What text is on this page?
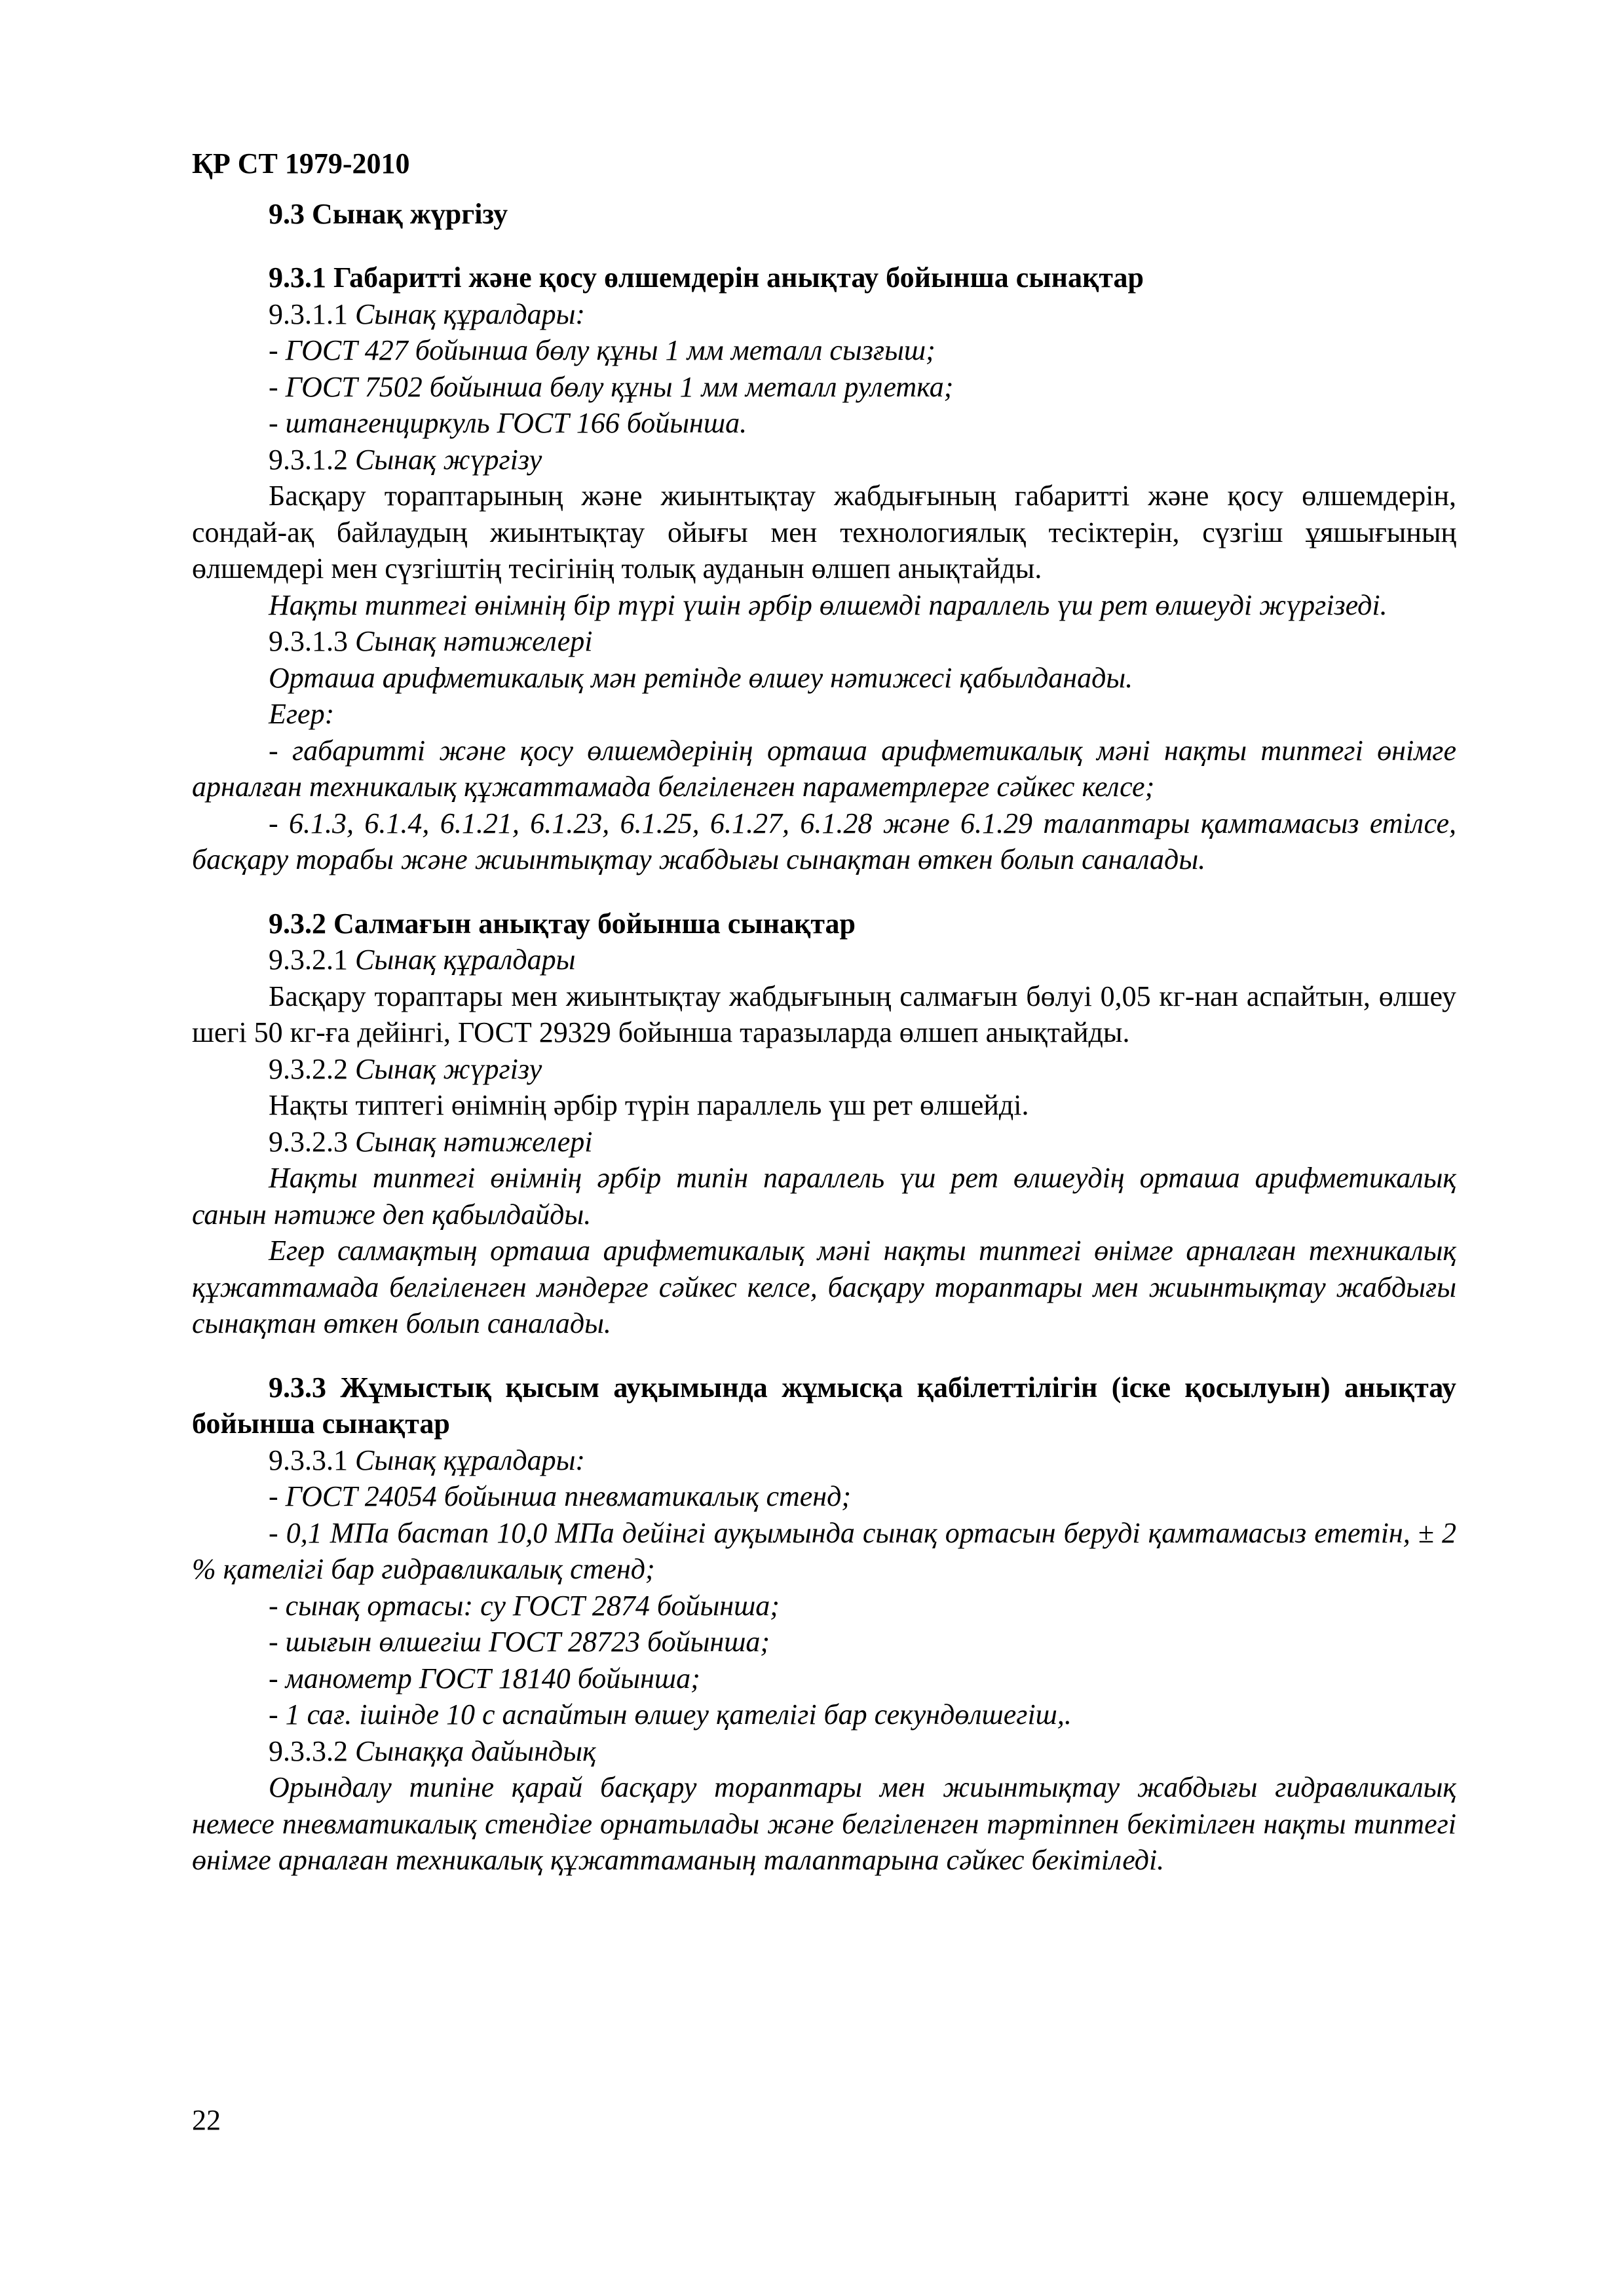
ҚР СТ 1979-2010
9.3 Сынақ жүргізу
9.3.1 Габаритті және қосу өлшемдерін анықтау бойынша сынақтар
9.3.1.1 Сынақ құралдары:
- ГОСТ 427 бойынша бөлу құны 1 мм металл сызғыш;
- ГОСТ 7502 бойынша бөлу құны 1 мм металл рулетка;
- штангенциркуль ГОСТ 166 бойынша.
9.3.1.2 Сынақ жүргізу
Басқару тораптарының және жиынтықтау жабдығының габаритті және қосу өлшемдерін, сондай-ақ байлаудың жиынтықтау ойығы мен технологиялық тесіктерін, сүзгіш ұяшығының өлшемдері мен сүзгіштің тесігінің толық ауданын өлшеп анықтайды.
Нақты типтегі өнімнің бір түрі үшін әрбір өлшемді параллель үш рет өлшеуді жүргізеді.
9.3.1.3 Сынақ нәтижелері
Орташа арифметикалық мән ретінде өлшеу нәтижесі қабылданады.
Егер:
- габаритті және қосу өлшемдерінің орташа арифметикалық мәні нақты типтегі өнімге арналған техникалық құжаттамада белгіленген параметрлерге сәйкес келсе;
- 6.1.3, 6.1.4, 6.1.21, 6.1.23, 6.1.25, 6.1.27, 6.1.28 және 6.1.29 талаптары қамтамасыз етілсе, басқару торабы және жиынтықтау жабдығы сынақтан өткен болып саналады.
9.3.2 Салмағын анықтау бойынша сынақтар
9.3.2.1 Сынақ құралдары
Басқару тораптары мен жиынтықтау жабдығының салмағын бөлуі 0,05 кг-нан аспайтын, өлшеу шегі 50 кг-ға дейінгі, ГОСТ 29329 бойынша таразыларда өлшеп анықтайды.
9.3.2.2 Сынақ жүргізу
Нақты типтегі өнімнің әрбір түрін параллель үш рет өлшейді.
9.3.2.3 Сынақ нәтижелері
Нақты типтегі өнімнің әрбір типін параллель үш рет өлшеудің орташа арифметикалық санын нәтиже деп қабылдайды.
Егер салмақтың орташа арифметикалық мәні нақты типтегі өнімге арналған техникалық құжаттамада белгіленген мәндерге сәйкес келсе, басқару тораптары мен жиынтықтау жабдығы сынақтан өткен болып саналады.
9.3.3 Жұмыстық қысым ауқымында жұмысқа қабілеттілігін (іске қосылуын) анықтау бойынша сынақтар
9.3.3.1 Сынақ құралдары:
- ГОСТ 24054 бойынша пневматикалық стенд;
- 0,1 МПа бастап 10,0 МПа дейінгі ауқымында сынақ ортасын беруді қамтамасыз ететін, ± 2 % қателігі бар гидравликалық стенд;
- сынақ ортасы: су ГОСТ 2874 бойынша;
- шығын өлшегіш ГОСТ 28723 бойынша;
- манометр ГОСТ 18140 бойынша;
- 1 сағ. ішінде 10 с аспайтын өлшеу қателігі бар секундөлшегіш,.
9.3.3.2 Сынаққа дайындық
Орындалу типіне қарай басқару тораптары мен жиынтықтау жабдығы гидравликалық немесе пневматикалық стендіге орнатылады және белгіленген тәртіппен бекітілген нақты типтегі өнімге арналған техникалық құжаттаманың талаптарына сәйкес бекітіледі.
22
